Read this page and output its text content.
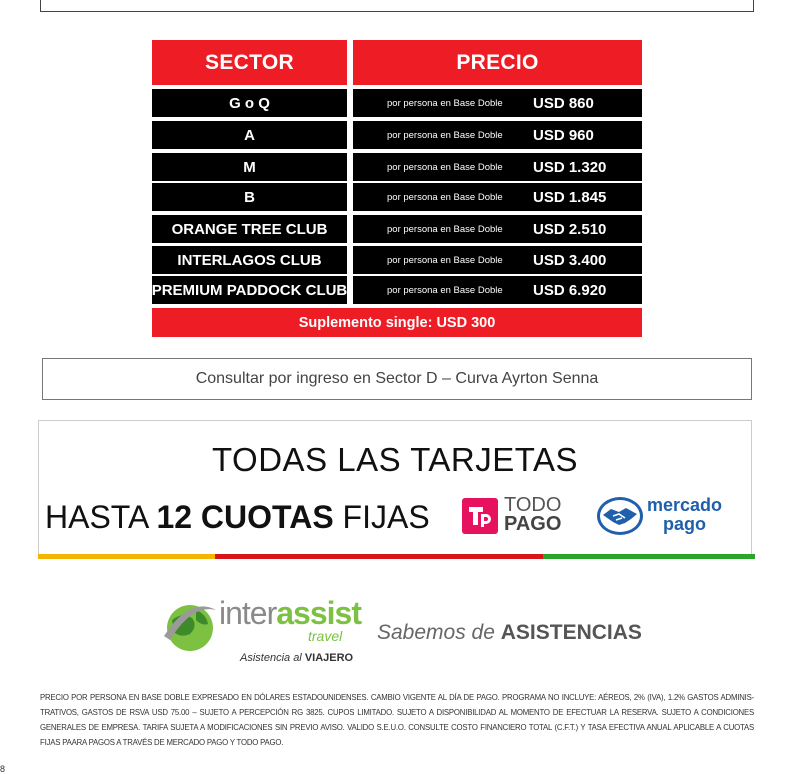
SECTOR	PRECIO
G o Q	por persona en Base Doble	USD 860
A	por persona en Base Doble	USD 960
M	por persona en Base Doble	USD 1.320
B	por persona en Base Doble	USD 1.845
ORANGE TREE CLUB	por persona en Base Doble	USD 2.510
INTERLAGOS CLUB	por persona en Base Doble	USD 3.400
PREMIUM PADDOCK CLUB	por persona en Base Doble	USD 6.920
Suplemento single: USD 300
Consultar por ingreso en Sector D – Curva Ayrton Senna
TODAS LAS TARJETAS
HASTA 12 CUOTAS FIJAS	TODO
PAGO
mercado
pago
interassist
travel
Asistencia al VIAJERO
Sabemos de ASISTENCIAS
PRECIO POR PERSONA EN BASE DOBLE EXPRESADO EN DÓLARES ESTADOUNIDENSES. CAMBIO VIGENTE AL DÍA DE PAGO. PROGRAMA NO INCLUYE: AÉREOS, 2% (IVA), 1.2% GASTOS ADMINIS-TRATIVOS, GASTOS DE RSVA USD 75.00 – SUJETO A PERCEPCIÓN RG 3825. CUPOS LIMITADO. SUJETO A DISPONIBILIDAD AL MOMENTO DE EFECTUAR LA RESERVA. SUJETO A CONDICIONES GENERALES DE EMPRESA. TARIFA SUJETA A MODIFICACIONES SIN PREVIO AVISO. VALIDO S.E.U.O. CONSULTE COSTO FINANCIERO TOTAL (C.F.T.) Y TASA EFECTIVA ANUAL APLICABLE A CUOTAS FIJAS PAARA PAGOS A TRAVÉS DE MERCADO PAGO Y TODO PAGO.
8
